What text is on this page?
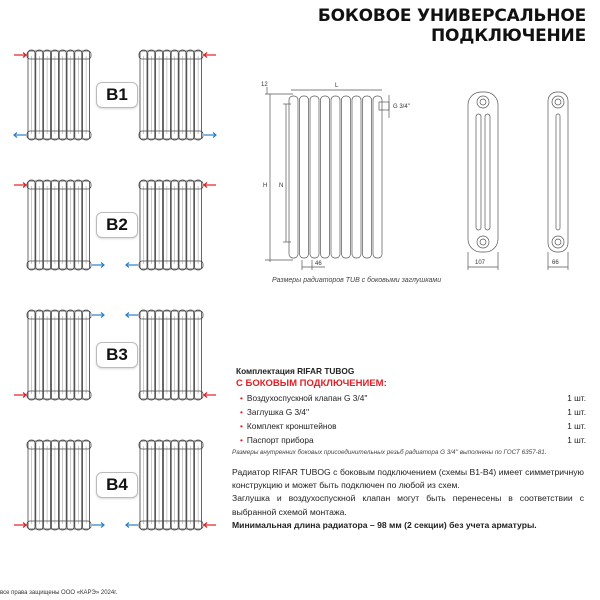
БОКОВОЕ УНИВЕРСАЛЬНОЕ
ПОДКЛЮЧЕНИЕ
B1
B2
B3
B4
12	L
G 3/4''
H N
46	107	66
Размеры радиаторов TUB с боковыми заглушками
Комплектация RIFAR TUBOG
С БОКОВЫМ ПОДКЛЮЧЕНИЕМ:
• Воздухоспускной клапан G 3/4''	1 шт.
• Заглушка G 3/4''	1 шт.
• Комплект кронштейнов	1 шт.
• Паспорт прибора	1 шт.
Размеры внутренних боковых присоединительных резьб радиатора G 3/4'' выполнены по ГОСТ 6357-81.
Радиатор RIFAR TUBOG с боковым подключением (схемы B1-B4) имеет симметричную конструкцию и может быть подключен по любой из схем.
Заглушка и воздухоспускной клапан могут быть перенесены в соответствии с выбранной схемой монтажа.
Минимальная длина радиатора – 98 мм (2 секции) без учета арматуры.
все права защищены ООО «КАРЭ» 2024г.
